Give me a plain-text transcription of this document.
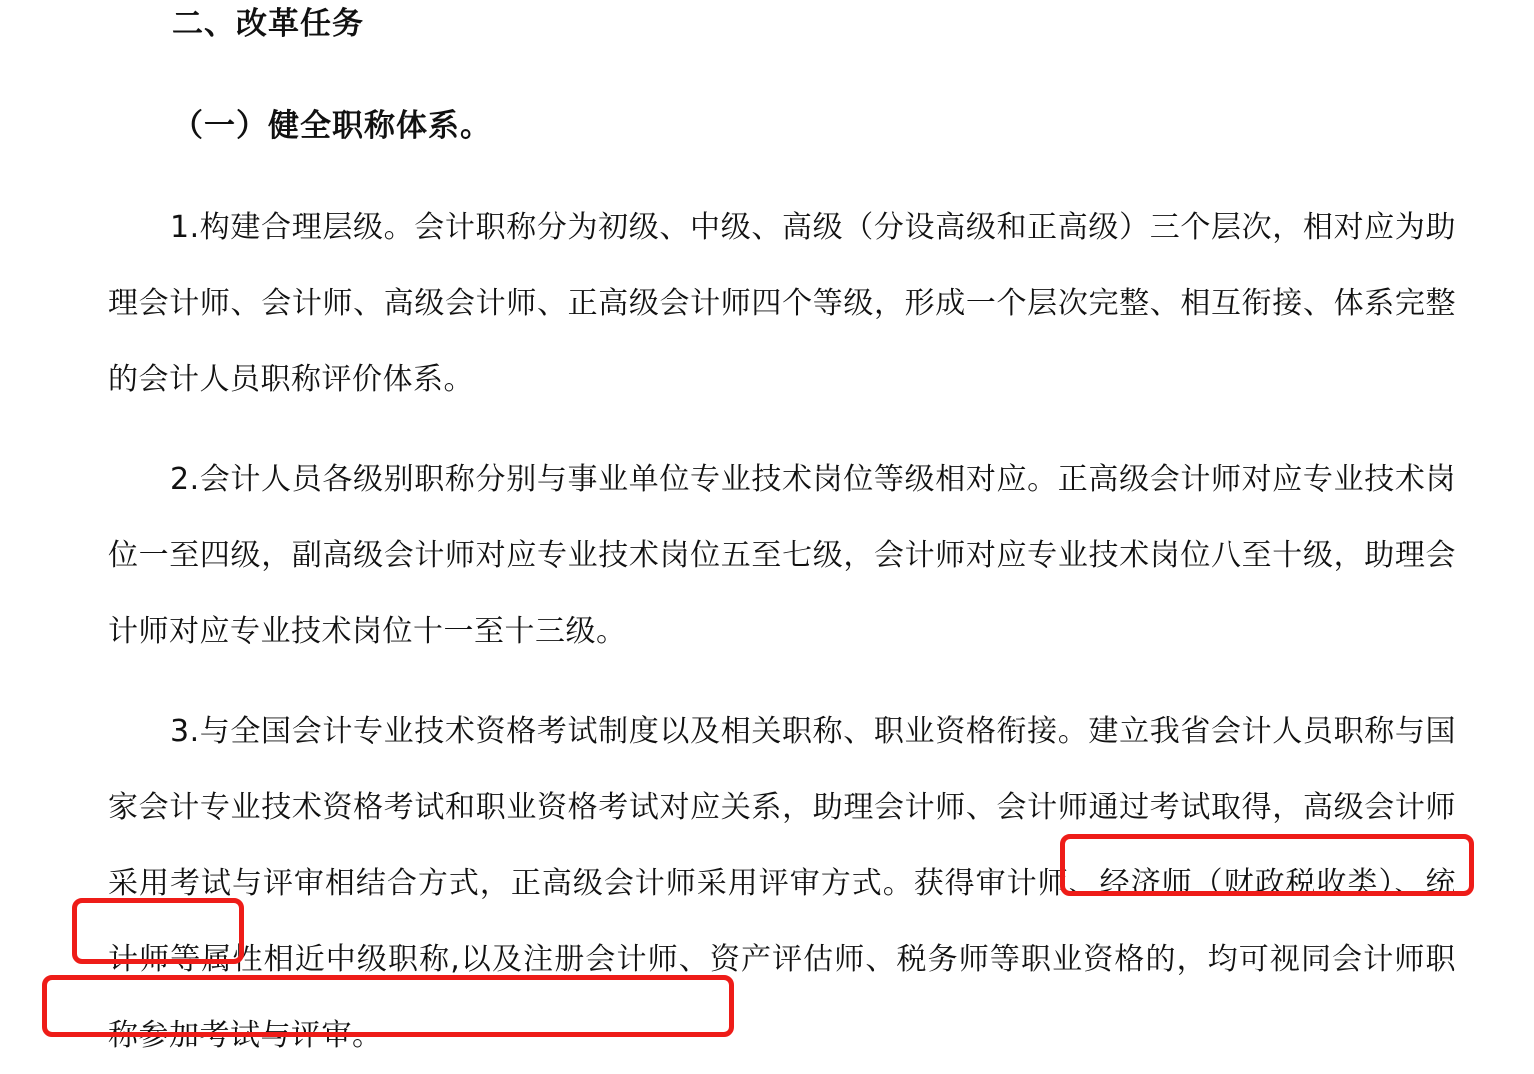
二、改革任务
（一）健全职称体系。

1.构建合理层级。会计职称分为初级、中级、高级（分设高级和正高级）三个层次，相对应为助理会计师、会计师、高级会计师、正高级会计师四个等级，形成一个层次完整、相互衔接、体系完整的会计人员职称评价体系。

2.会计人员各级别职称分别与事业单位专业技术岗位等级相对应。正高级会计师对应专业技术岗位一至四级，副高级会计师对应专业技术岗位五至七级，会计师对应专业技术岗位八至十级，助理会计师对应专业技术岗位十一至十三级。

3.与全国会计专业技术资格考试制度以及相关职称、职业资格衔接。建立我省会计人员职称与国家会计专业技术资格考试和职业资格考试对应关系，助理会计师、会计师通过考试取得，高级会计师采用考试与评审相结合方式，正高级会计师采用评审方式。获得审计师、经济师（财政税收类）、统计师等属性相近中级职称,以及注册会计师、资产评估师、税务师等职业资格的，均可视同会计师职称参加考试与评审。
